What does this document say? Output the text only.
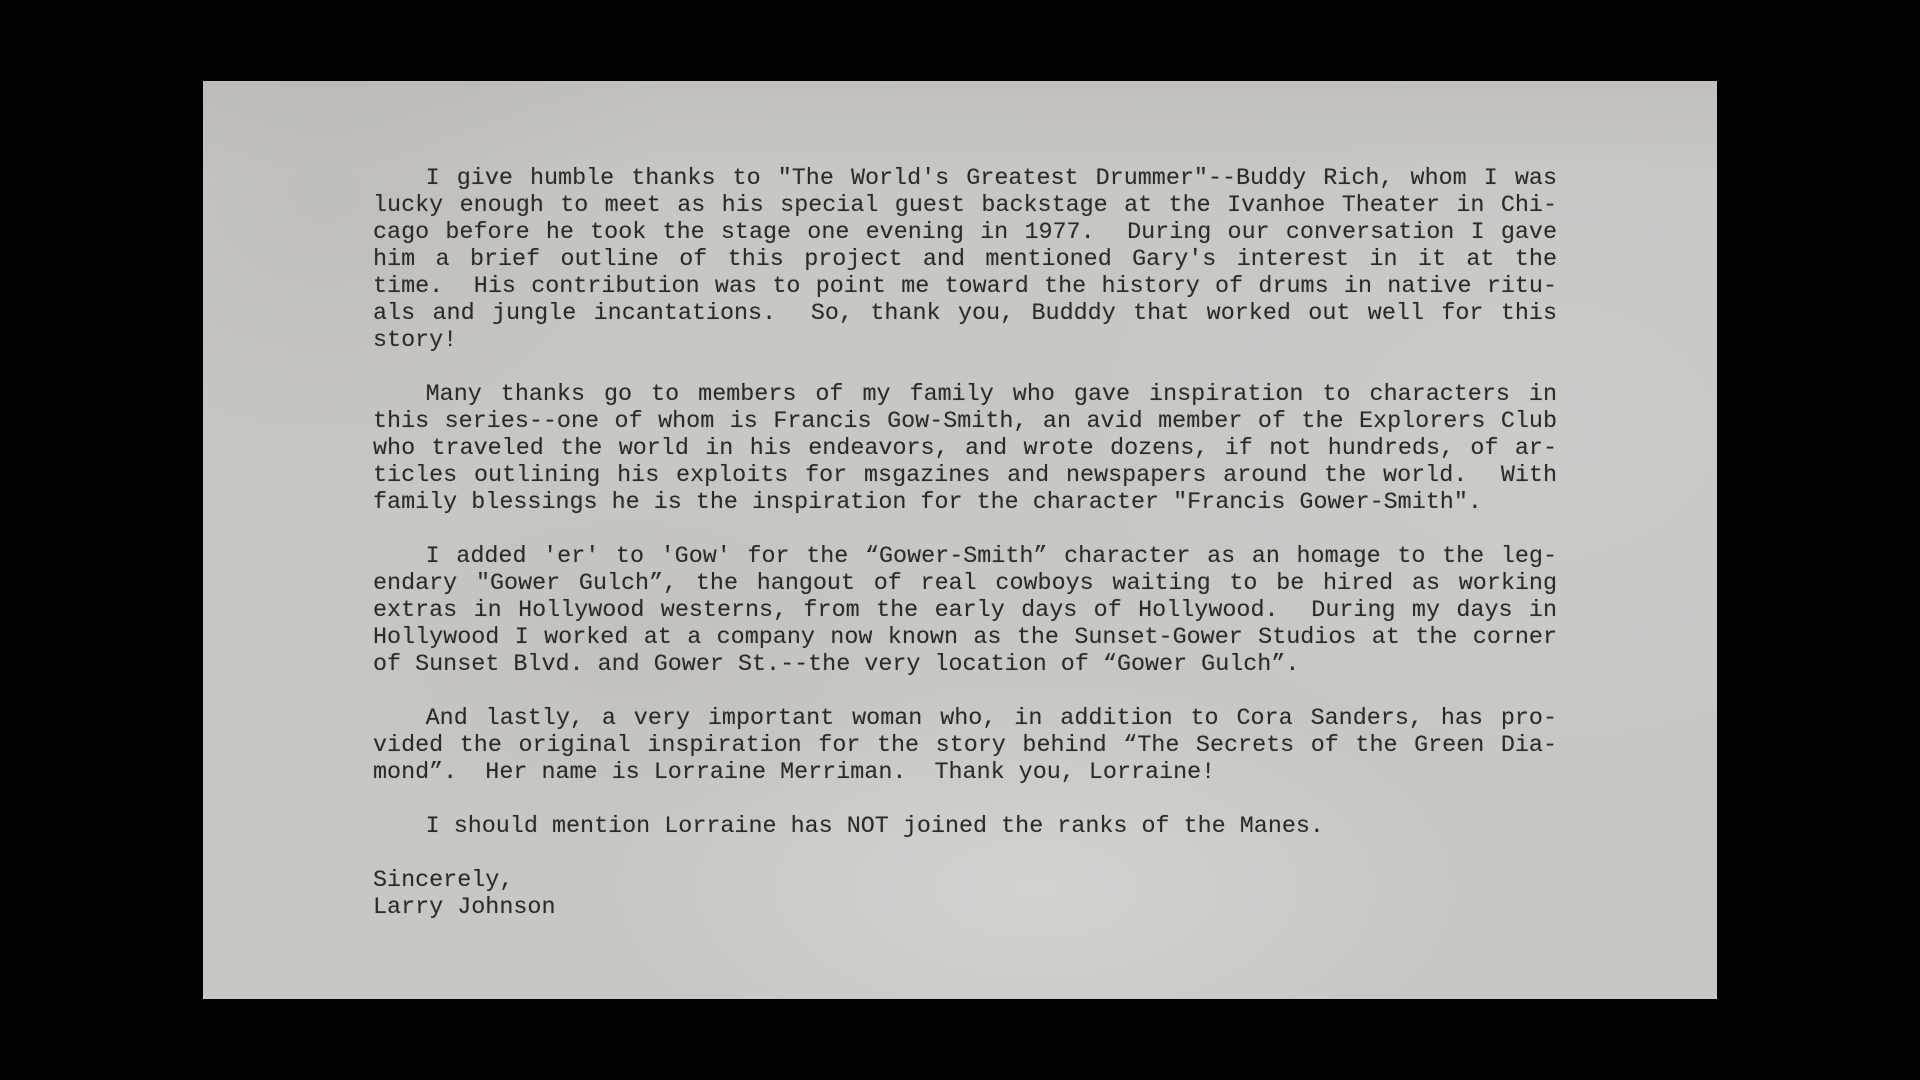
I give humble thanks to "The World's Greatest Drummer"--Buddy Rich, whom I was
lucky enough to meet as his special guest backstage at the Ivanhoe Theater in Chi-
cago before he took the stage one evening in 1977.  During our conversation I gave
him a brief outline of this project and mentioned Gary's interest in it at the
time.  His contribution was to point me toward the history of drums in native ritu-
als and jungle incantations.  So, thank you, Budddy that worked out well for this
story!
Many thanks go to members of my family who gave inspiration to characters in
this series--one of whom is Francis Gow-Smith, an avid member of the Explorers Club
who traveled the world in his endeavors, and wrote dozens, if not hundreds, of ar-
ticles outlining his exploits for msgazines and newspapers around the world.  With
family blessings he is the inspiration for the character "Francis Gower-Smith".
I added 'er' to 'Gow' for the “Gower-Smith” character as an homage to the leg-
endary "Gower Gulch”, the hangout of real cowboys waiting to be hired as working
extras in Hollywood westerns, from the early days of Hollywood.  During my days in
Hollywood I worked at a company now known as the Sunset-Gower Studios at the corner
of Sunset Blvd. and Gower St.--the very location of “Gower Gulch”.
And lastly, a very important woman who, in addition to Cora Sanders, has pro-
vided the original inspiration for the story behind “The Secrets of the Green Dia-
mond”.  Her name is Lorraine Merriman.  Thank you, Lorraine!
I should mention Lorraine has NOT joined the ranks of the Manes.
Sincerely,
Larry Johnson
